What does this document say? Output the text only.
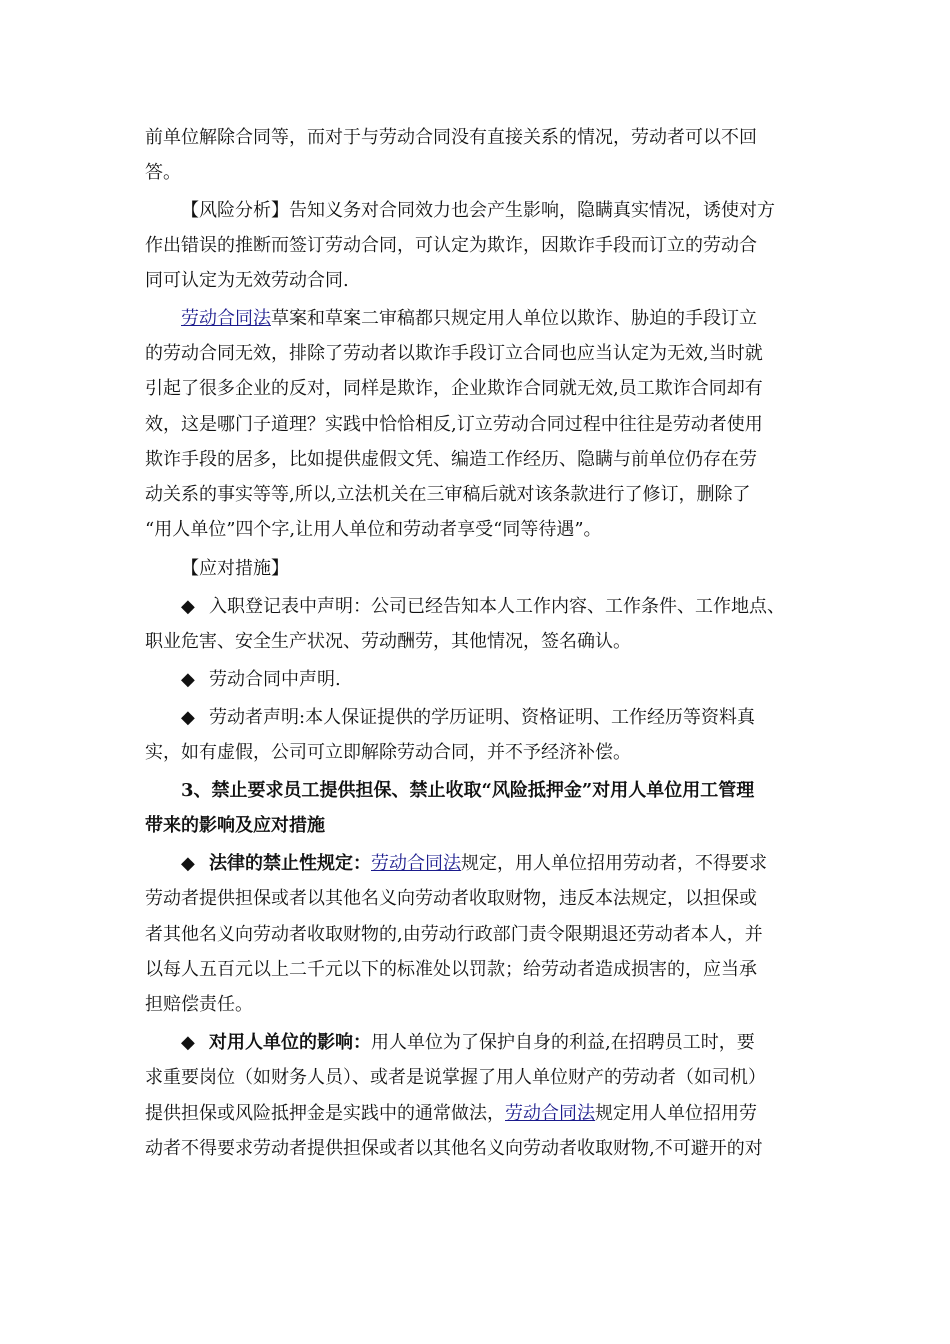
前单位解除合同等，而对于与劳动合同没有直接关系的情况，劳动者可以不回
答。
【风险分析】告知义务对合同效力也会产生影响，隐瞒真实情况，诱使对方
作出错误的推断而签订劳动合同，可认定为欺诈，因欺诈手段而订立的劳动合
同可认定为无效劳动合同.
劳动合同法草案和草案二审稿都只规定用人单位以欺诈、胁迫的手段订立
的劳动合同无效，排除了劳动者以欺诈手段订立合同也应当认定为无效,当时就
引起了很多企业的反对，同样是欺诈，企业欺诈合同就无效,员工欺诈合同却有
效，这是哪门子道理？实践中恰恰相反,订立劳动合同过程中往往是劳动者使用
欺诈手段的居多，比如提供虚假文凭、编造工作经历、隐瞒与前单位仍存在劳
动关系的事实等等,所以,立法机关在三审稿后就对该条款进行了修订，删除了
“用人单位”四个字,让用人单位和劳动者享受“同等待遇”。
【应对措施】
◆ 入职登记表中声明：公司已经告知本人工作内容、工作条件、工作地点、
职业危害、安全生产状况、劳动酬劳，其他情况，签名确认。
◆ 劳动合同中声明.
◆ 劳动者声明:本人保证提供的学历证明、资格证明、工作经历等资料真
实，如有虚假，公司可立即解除劳动合同，并不予经济补偿。
3、禁止要求员工提供担保、禁止收取“风险抵押金”对用人单位用工管理
带来的影响及应对措施
◆ 法律的禁止性规定：劳动合同法规定，用人单位招用劳动者，不得要求
劳动者提供担保或者以其他名义向劳动者收取财物，违反本法规定，以担保或
者其他名义向劳动者收取财物的,由劳动行政部门责令限期退还劳动者本人，并
以每人五百元以上二千元以下的标准处以罚款；给劳动者造成损害的，应当承
担赔偿责任。
◆ 对用人单位的影响：用人单位为了保护自身的利益,在招聘员工时，要
求重要岗位（如财务人员）、或者是说掌握了用人单位财产的劳动者（如司机）
提供担保或风险抵押金是实践中的通常做法，劳动合同法规定用人单位招用劳
动者不得要求劳动者提供担保或者以其他名义向劳动者收取财物,不可避开的对
